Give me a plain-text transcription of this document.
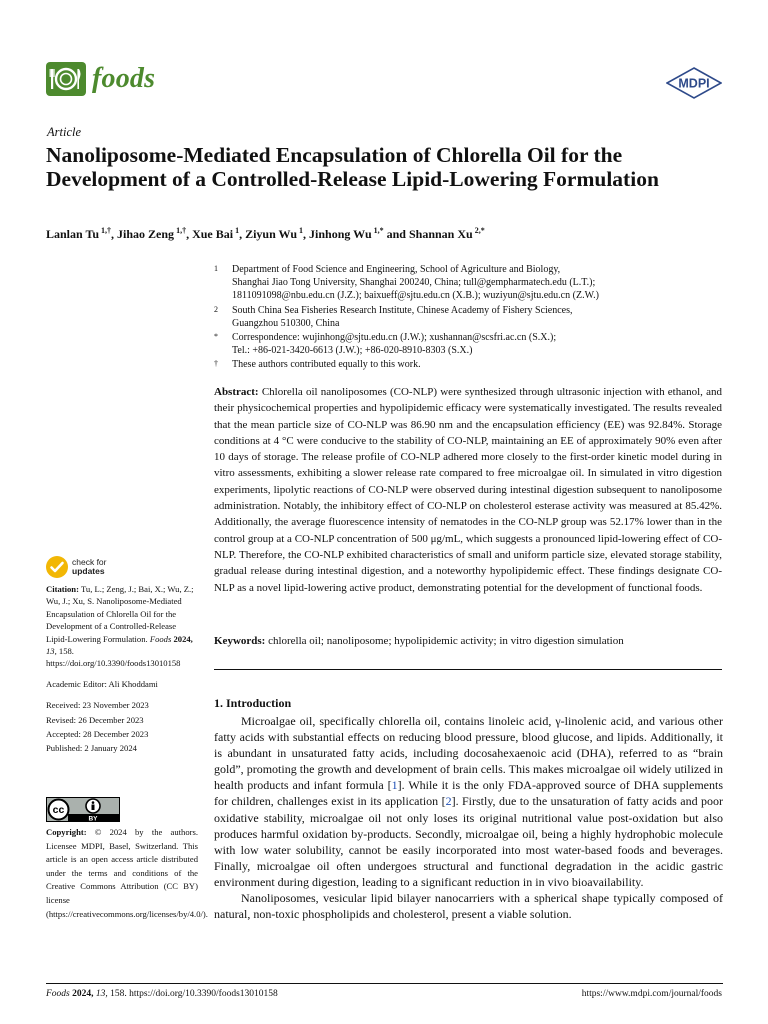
foods	MDPI
Article
Nanoliposome-Mediated Encapsulation of Chlorella Oil for the Development of a Controlled-Release Lipid-Lowering Formulation
Lanlan Tu $^{1,\dagger}$, Jihao Zeng $^{1,\dagger}$, Xue Bai $^1$, Ziyun Wu $^1$, Jinhong Wu $^{1,*}$ and Shannan Xu $^{2,*}$
1	Department of Food Science and Engineering, School of Agriculture and Biology,
Shanghai Jiao Tong University, Shanghai 200240, China; tull@gempharmatech.edu (L.T.);
1811091098@nbu.edu.cn (J.Z.); baixueff@sjtu.edu.cn (X.B.); wuziyun@sjtu.edu.cn (Z.W.)
2	South China Sea Fisheries Research Institute, Chinese Academy of Fishery Sciences,
Guangzhou 510300, China
*	Correspondence: wujinhong@sjtu.edu.cn (J.W.); xushannan@scsfri.ac.cn (S.X.);
Tel.: +86-021-3420-6613 (J.W.); +86-020-8910-8303 (S.X.)
†	These authors contributed equally to this work.
Abstract: Chlorella oil nanoliposomes (CO-NLP) were synthesized through ultrasonic injection with ethanol, and their physicochemical properties and hypolipidemic efficacy were systematically investigated. The results revealed that the mean particle size of CO-NLP was 86.90 nm and the encapsulation efficiency (EE) was 92.84%. Storage conditions at 4 °C were conducive to the stability of CO-NLP, maintaining an EE of approximately 90% even after 10 days of storage. The release profile of CO-NLP adhered more closely to the first-order kinetic model during in vitro assessments, exhibiting a slower release rate compared to free microalgae oil. In simulated in vitro digestion experiments, lipolytic reactions of CO-NLP were observed during intestinal digestion subsequent to nanoliposome administration. Notably, the inhibitory effect of CO-NLP on cholesterol esterase activity was measured at 85.42%. Additionally, the average fluorescence intensity of nematodes in the CO-NLP group was 52.17% lower than in the control group at a CO-NLP concentration of 500 μg/mL, which suggests a pronounced lipid-lowering effect of CO-NLP. Therefore, the CO-NLP exhibited characteristics of small and uniform particle size, elevated storage stability, gradual release during intestinal digestion, and a noteworthy hypolipidemic effect. These findings designate CO-NLP as a novel lipid-lowering active product, demonstrating potential for the development of functional foods.
Keywords: chlorella oil; nanoliposome; hypolipidemic activity; in vitro digestion simulation
1. Introduction

Microalgae oil, specifically chlorella oil, contains linoleic acid, γ-linolenic acid, and various other fatty acids with substantial effects on reducing blood pressure, blood glucose, and lipids. Additionally, it is abundant in unsaturated fatty acids, including docosahexaenoic acid (DHA), referred to as “brain gold”, promoting the growth and development of brain cells. This makes microalgae oil widely utilized in health products and infant formula [1]. While it is the only FDA-approved source of DHA supplements for children, challenges exist in its application [2]. Firstly, due to the unsaturation of fatty acids and poor oxidative stability, microalgae oil not only loses its original nutritional value post-oxidation but also produces harmful oxidation by-products. Secondly, microalgae oil, being a highly hydrophobic molecule with low water solubility, cannot be easily incorporated into most water-based foods and beverages. Finally, microalgae oil often undergoes structural and functional degradation in the acidic gastric environment during digestion, leading to a significant reduction in in vivo bioavailability.

Nanoliposomes, vesicular lipid bilayer nanocarriers with a spherical shape typically composed of natural, non-toxic phospholipids and cholesterol, present a viable solution.

check for
updates
Citation: Tu, L.; Zeng, J.; Bai, X.; Wu, Z.; Wu, J.; Xu, S. Nanoliposome-Mediated Encapsulation of Chlorella Oil for the Development of a Controlled-Release Lipid-Lowering Formulation. Foods 2024, 13, 158. https://doi.org/10.3390/foods13010158
Academic Editor: Ali Khoddami
Received: 23 November 2023
Revised: 26 December 2023
Accepted: 28 December 2023
Published: 2 January 2024
cc
BY
Copyright: © 2024 by the authors. Licensee MDPI, Basel, Switzerland. This article is an open access article distributed under the terms and conditions of the Creative Commons Attribution (CC BY) license (https://creativecommons.org/licenses/by/4.0/).
Foods 2024, 13, 158. https://doi.org/10.3390/foods13010158	https://www.mdpi.com/journal/foods
